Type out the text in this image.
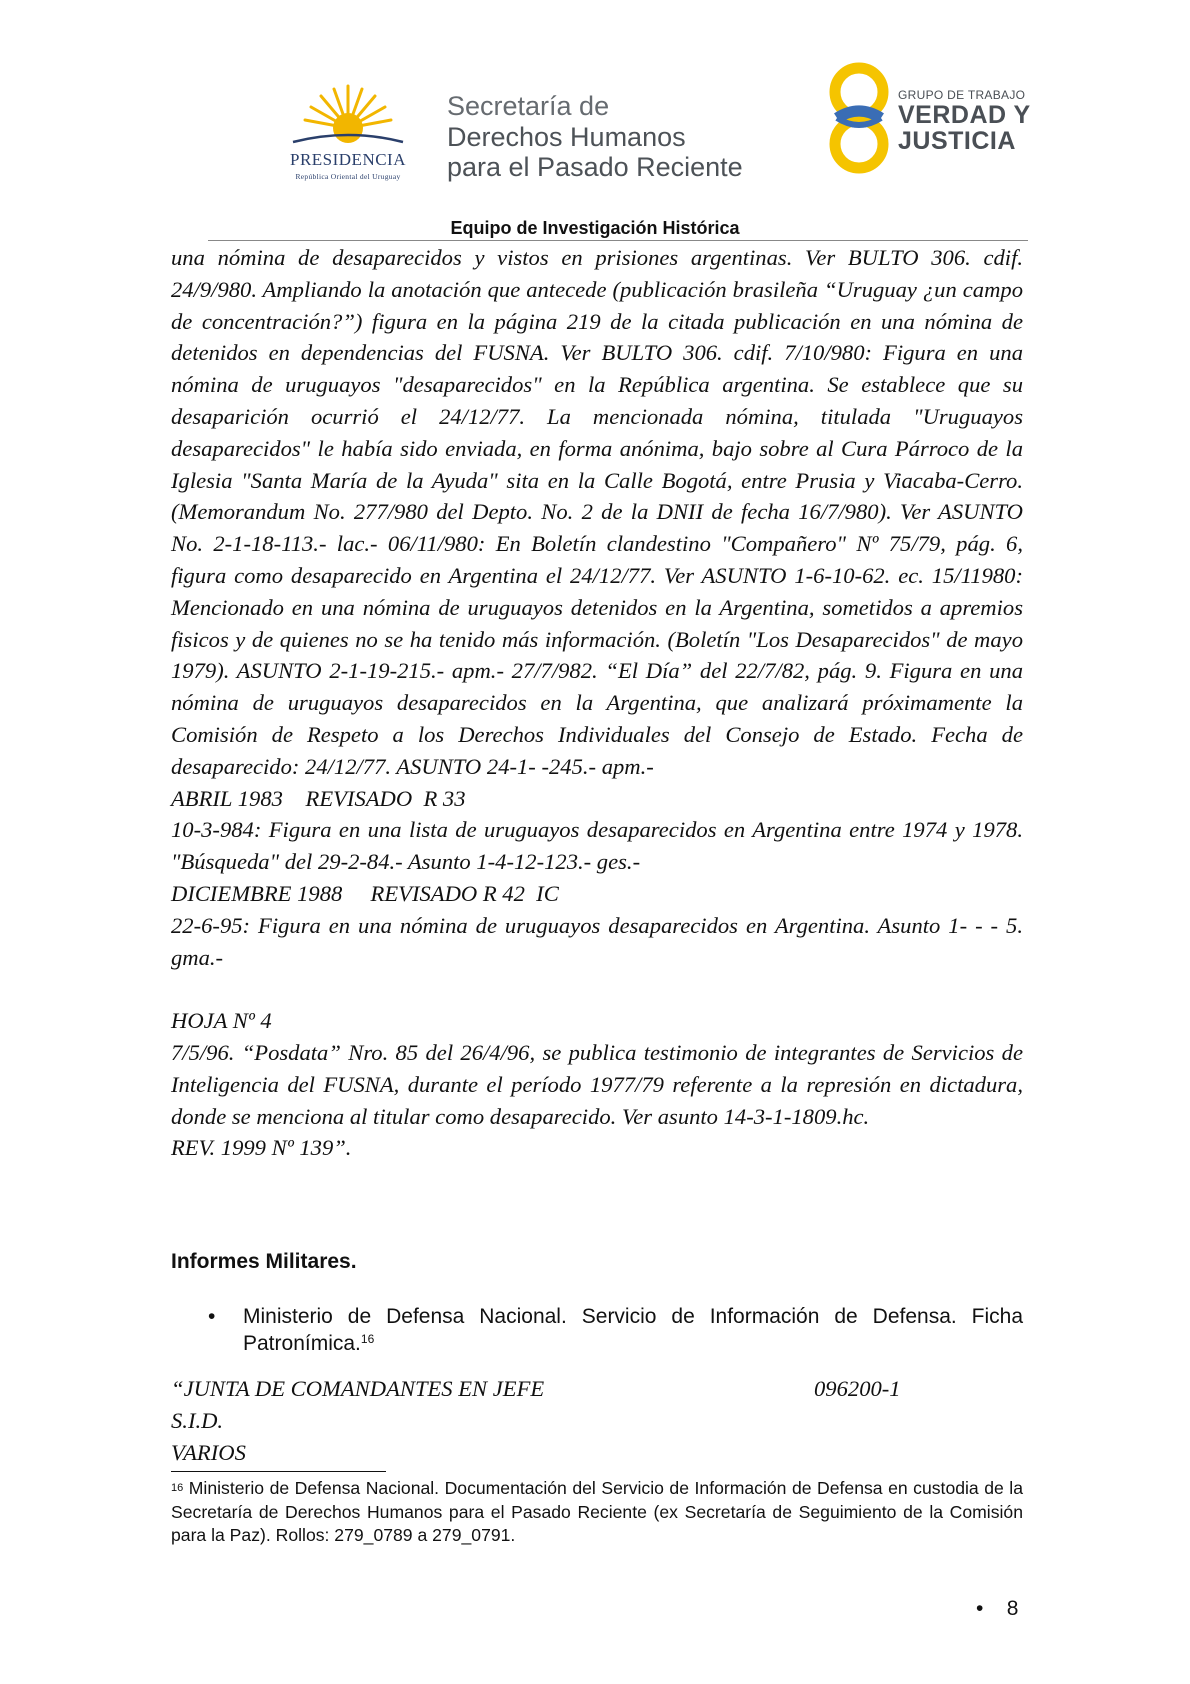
PRESIDENCIA
República Oriental del Uruguay
Secretaría de
Derechos Humanos
para el Pasado Reciente
GRUPO DE TRABAJO
VERDAD Y
JUSTICIA
Equipo de Investigación Histórica

una nómina de desaparecidos y vistos en prisiones argentinas. Ver BULTO 306. cdif. 24/9/980. Ampliando la anotación que antecede (publicación brasileña “Uruguay ¿un campo de concentración?”) figura en la página 219 de la citada publicación en una nómina de detenidos en dependencias del FUSNA. Ver BULTO 306. cdif. 7/10/980: Figura en una nómina de uruguayos "desaparecidos" en la República argentina. Se establece que su desaparición ocurrió el 24/12/77. La mencionada nómina, titulada "Uruguayos desaparecidos" le había sido enviada, en forma anónima, bajo sobre al Cura Párroco de la Iglesia "Santa María de la Ayuda" sita en la Calle Bogotá, entre Prusia y Viacaba-Cerro. (Memorandum No. 277/980 del Depto. No. 2 de la DNII de fecha 16/7/980). Ver ASUNTO No. 2-1-18-113.- lac.- 06/11/980: En Boletín clandestino "Compañero" Nº 75/79, pág. 6, figura como desaparecido en Argentina el 24/12/77. Ver ASUNTO 1-6-10-62. ec. 15/11980: Mencionado en una nómina de uruguayos detenidos en la Argentina, sometidos a apremios fisicos y de quienes no se ha tenido más información. (Boletín "Los Desaparecidos" de mayo 1979). ASUNTO 2-1-19-215.- apm.- 27/7/982. “El Día” del 22/7/82, pág. 9. Figura en una nómina de uruguayos desaparecidos en la Argentina, que analizará próximamente la Comisión de Respeto a los Derechos Individuales del Consejo de Estado. Fecha de desaparecido: 24/12/77. ASUNTO 24-1- -245.- apm.-

ABRIL 1983    REVISADO  R 33

10-3-984: Figura en una lista de uruguayos desaparecidos en Argentina entre 1974 y 1978. "Búsqueda" del 29-2-84.- Asunto 1-4-12-123.- ges.-

DICIEMBRE 1988     REVISADO R 42  IC

22-6-95: Figura en una nómina de uruguayos desaparecidos en Argentina. Asunto 1- - - 5. gma.-

HOJA Nº 4

7/5/96. “Posdata” Nro. 85 del 26/4/96, se publica testimonio de integrantes de Servicios de Inteligencia del FUSNA, durante el período 1977/79 referente a la represión en dictadura, donde se menciona al titular como desaparecido. Ver asunto 14-3-1-1809.hc.

REV. 1999 Nº 139”.

Informes Militares.
• Ministerio de Defensa Nacional. Servicio de Información de Defensa. Ficha Patronímica.$^{16}$
“JUNTA DE COMANDANTES EN JEFE	096200-1
S.I.D.
VARIOS
$^{16}$ Ministerio de Defensa Nacional. Documentación del Servicio de Información de Defensa en custodia de la Secretaría de Derechos Humanos para el Pasado Reciente (ex Secretaría de Seguimiento de la Comisión para la Paz). Rollos: 279_0789 a 279_0791.
•    8
